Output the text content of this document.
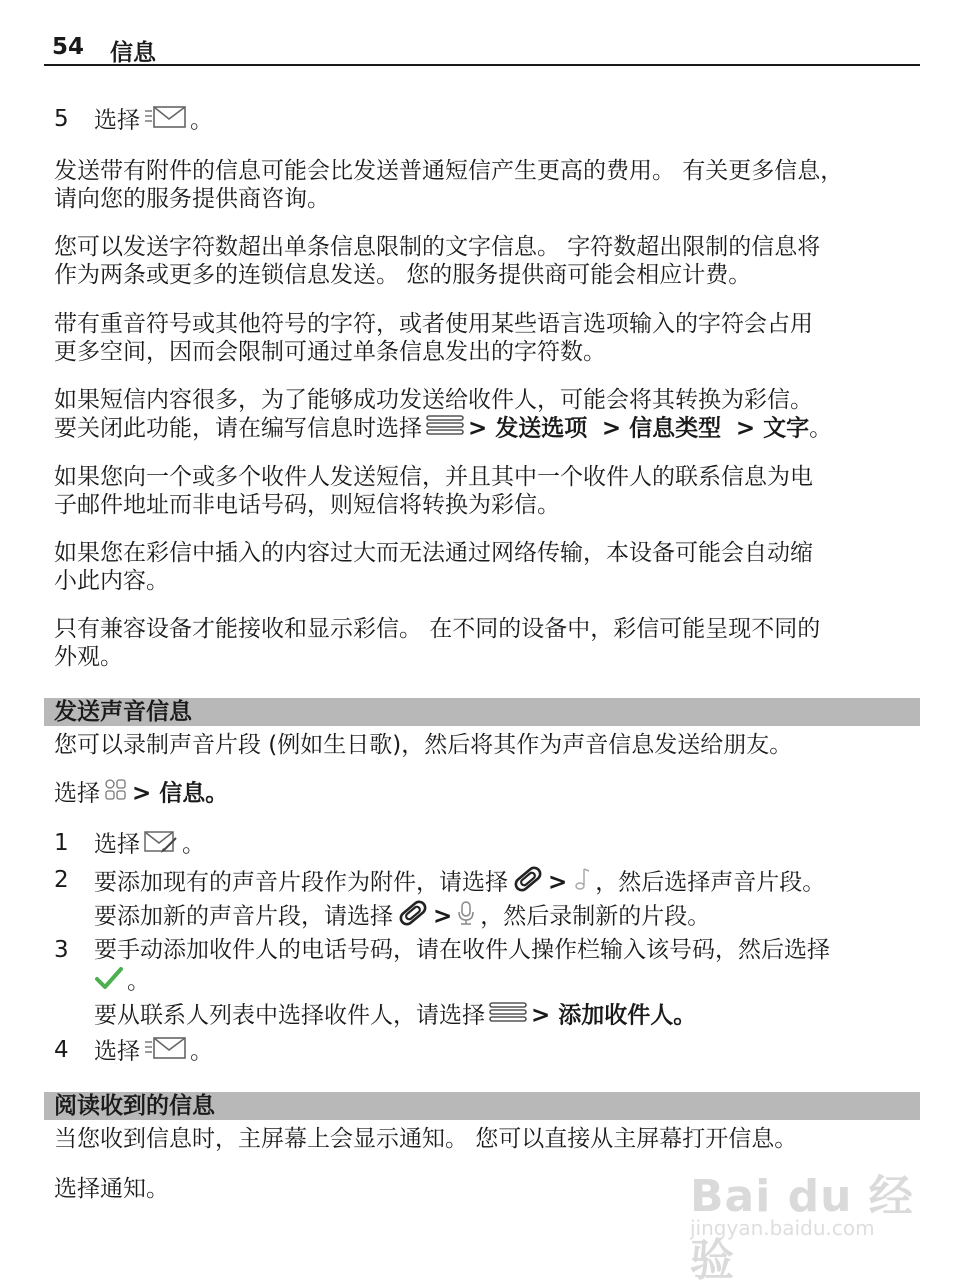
54 信息
5 选择 。
发送带有附件的信息可能会比发送普通短信产生更高的费用。 有关更多信息，
请向您的服务提供商咨询。
您可以发送字符数超出单条信息限制的文字信息。 字符数超出限制的信息将
作为两条或更多的连锁信息发送。 您的服务提供商可能会相应计费。
带有重音符号或其他符号的字符，或者使用某些语言选项输入的字符会占用
更多空间，因而会限制可通过单条信息发出的字符数。
如果短信内容很多，为了能够成功发送给收件人，可能会将其转换为彩信。
要关闭此功能，请在编写信息时选择 > 发送选项 > 信息类型 > 文字。
如果您向一个或多个收件人发送短信，并且其中一个收件人的联系信息为电
子邮件地址而非电话号码，则短信将转换为彩信。
如果您在彩信中插入的内容过大而无法通过网络传输，本设备可能会自动缩
小此内容。
只有兼容设备才能接收和显示彩信。 在不同的设备中，彩信可能呈现不同的
外观。
发送声音信息
您可以录制声音片段 (例如生日歌)，然后将其作为声音信息发送给朋友。
选择 > 信息。
1 选择 。
2 要添加现有的声音片段作为附件，请选择 > ，然后选择声音片段。
要添加新的声音片段，请选择 > ，然后录制新的片段。
3 要手动添加收件人的电话号码，请在收件人操作栏输入该号码，然后选择
。
要从联系人列表中选择收件人，请选择 > 添加收件人。
4 选择 。
阅读收到的信息
当您收到信息时，主屏幕上会显示通知。 您可以直接从主屏幕打开信息。
选择通知。	Bai du 经验
jingyan.baidu.com
